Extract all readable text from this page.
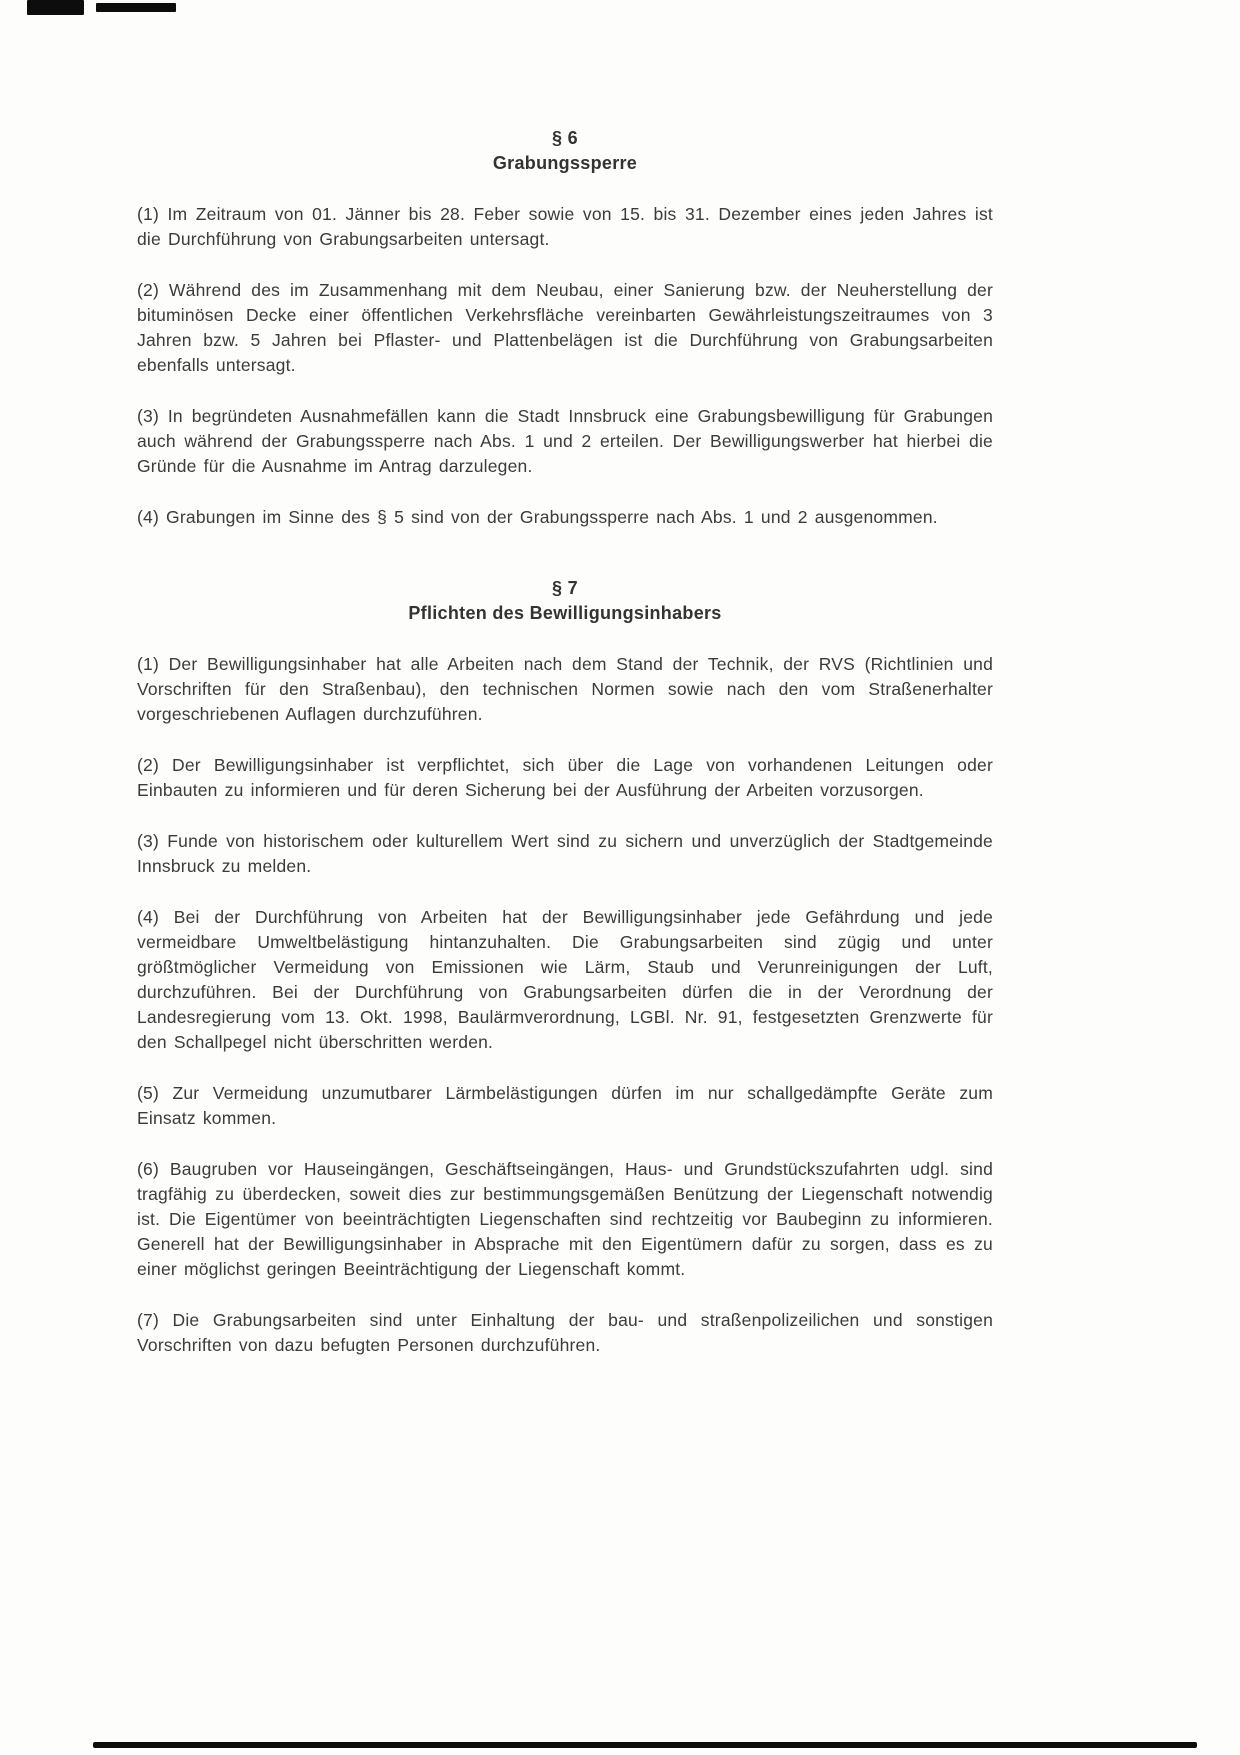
§ 6
Grabungssperre

(1) Im Zeitraum von 01. Jänner bis 28. Feber sowie von 15. bis 31. Dezember eines jeden Jahres ist die Durchführung von Grabungsarbeiten untersagt.

(2) Während des im Zusammenhang mit dem Neubau, einer Sanierung bzw. der Neuherstellung der bituminösen Decke einer öffentlichen Verkehrsfläche vereinbarten Gewährleistungszeitraumes von 3 Jahren bzw. 5 Jahren bei Pflaster- und Plattenbelägen ist die Durchführung von Grabungsarbeiten ebenfalls untersagt.

(3) In begründeten Ausnahmefällen kann die Stadt Innsbruck eine Grabungsbewilligung für Grabungen auch während der Grabungssperre nach Abs. 1 und 2 erteilen. Der Bewilligungswerber hat hierbei die Gründe für die Ausnahme im Antrag darzulegen.

(4) Grabungen im Sinne des § 5 sind von der Grabungssperre nach Abs. 1 und 2 ausgenommen.

§ 7
Pflichten des Bewilligungsinhabers

(1) Der Bewilligungsinhaber hat alle Arbeiten nach dem Stand der Technik, der RVS (Richtlinien und Vorschriften für den Straßenbau), den technischen Normen sowie nach den vom Straßenerhalter vorgeschriebenen Auflagen durchzuführen.

(2) Der Bewilligungsinhaber ist verpflichtet, sich über die Lage von vorhandenen Leitungen oder Einbauten zu informieren und für deren Sicherung bei der Ausführung der Arbeiten vorzusorgen.

(3) Funde von historischem oder kulturellem Wert sind zu sichern und unverzüglich der Stadtgemeinde Innsbruck zu melden.

(4) Bei der Durchführung von Arbeiten hat der Bewilligungsinhaber jede Gefährdung und jede vermeidbare Umweltbelästigung hintanzuhalten. Die Grabungsarbeiten sind zügig und unter größtmöglicher Vermeidung von Emissionen wie Lärm, Staub und Verunreinigungen der Luft, durchzuführen. Bei der Durchführung von Grabungsarbeiten dürfen die in der Verordnung der Landesregierung vom 13. Okt. 1998, Baulärmverordnung, LGBl. Nr. 91, festgesetzten Grenzwerte für den Schallpegel nicht überschritten werden.

(5) Zur Vermeidung unzumutbarer Lärmbelästigungen dürfen im nur schallgedämpfte Geräte zum Einsatz kommen.

(6) Baugruben vor Hauseingängen, Geschäftseingängen, Haus- und Grundstückszufahrten udgl. sind tragfähig zu überdecken, soweit dies zur bestimmungsgemäßen Benützung der Liegenschaft notwendig ist. Die Eigentümer von beeinträchtigten Liegenschaften sind rechtzeitig vor Baubeginn zu informieren. Generell hat der Bewilligungsinhaber in Absprache mit den Eigentümern dafür zu sorgen, dass es zu einer möglichst geringen Beeinträchtigung der Liegenschaft kommt.

(7) Die Grabungsarbeiten sind unter Einhaltung der bau- und straßenpolizeilichen und sonstigen Vorschriften von dazu befugten Personen durchzuführen.
